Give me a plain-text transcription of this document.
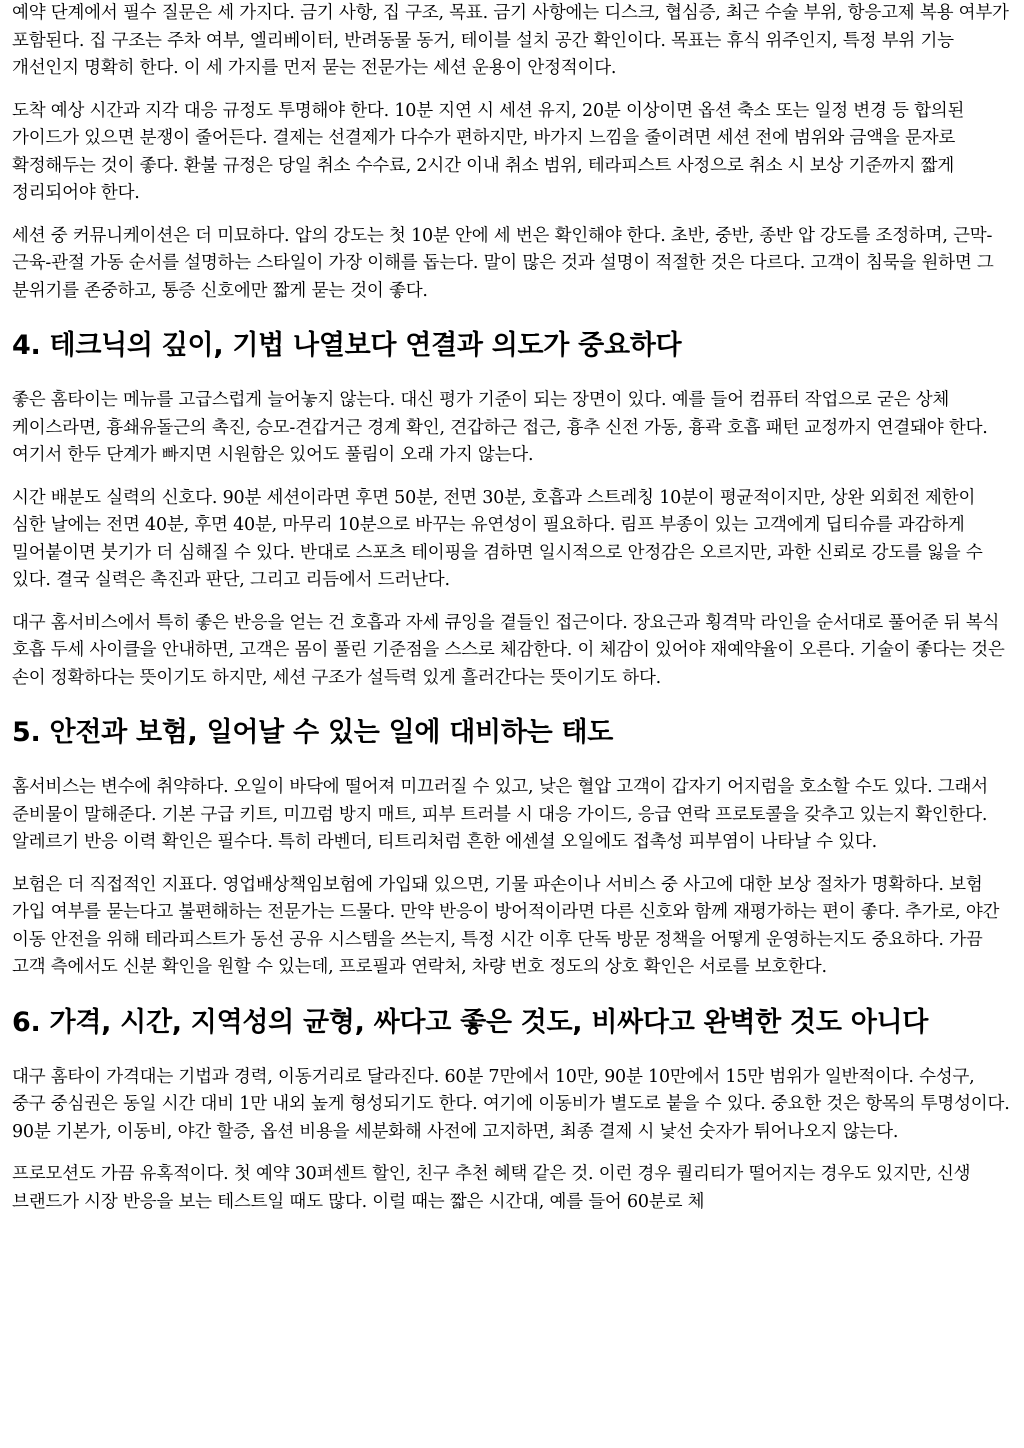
예약 단계에서 필수 질문은 세 가지다. 금기 사항, 집 구조, 목표. 금기 사항에는 디스크, 협심증, 최근 수술 부위, 항응고제 복용 여부가 포함된다. 집 구조는 주차 여부, 엘리베이터, 반려동물 동거, 테이블 설치 공간 확인이다. 목표는 휴식 위주인지, 특정 부위 기능 개선인지 명확히 한다. 이 세 가지를 먼저 묻는 전문가는 세션 운용이 안정적이다.

도착 예상 시간과 지각 대응 규정도 투명해야 한다. 10분 지연 시 세션 유지, 20분 이상이면 옵션 축소 또는 일정 변경 등 합의된 가이드가 있으면 분쟁이 줄어든다. 결제는 선결제가 다수가 편하지만, 바가지 느낌을 줄이려면 세션 전에 범위와 금액을 문자로 확정해두는 것이 좋다. 환불 규정은 당일 취소 수수료, 2시간 이내 취소 범위, 테라피스트 사정으로 취소 시 보상 기준까지 짧게 정리되어야 한다.

세션 중 커뮤니케이션은 더 미묘하다. 압의 강도는 첫 10분 안에 세 번은 확인해야 한다. 초반, 중반, 종반 압 강도를 조정하며, 근막-근육-관절 가동 순서를 설명하는 스타일이 가장 이해를 돕는다. 말이 많은 것과 설명이 적절한 것은 다르다. 고객이 침묵을 원하면 그 분위기를 존중하고, 통증 신호에만 짧게 묻는 것이 좋다.

4. 테크닉의 깊이, 기법 나열보다 연결과 의도가 중요하다

좋은 홈타이는 메뉴를 고급스럽게 늘어놓지 않는다. 대신 평가 기준이 되는 장면이 있다. 예를 들어 컴퓨터 작업으로 굳은 상체 케이스라면, 흉쇄유돌근의 촉진, 승모-견갑거근 경계 확인, 견갑하근 접근, 흉추 신전 가동, 흉곽 호흡 패턴 교정까지 연결돼야 한다. 여기서 한두 단계가 빠지면 시원함은 있어도 풀림이 오래 가지 않는다.

시간 배분도 실력의 신호다. 90분 세션이라면 후면 50분, 전면 30분, 호흡과 스트레칭 10분이 평균적이지만, 상완 외회전 제한이 심한 날에는 전면 40분, 후면 40분, 마무리 10분으로 바꾸는 유연성이 필요하다. 림프 부종이 있는 고객에게 딥티슈를 과감하게 밀어붙이면 붓기가 더 심해질 수 있다. 반대로 스포츠 테이핑을 겸하면 일시적으로 안정감은 오르지만, 과한 신뢰로 강도를 잃을 수 있다. 결국 실력은 촉진과 판단, 그리고 리듬에서 드러난다.

대구 홈서비스에서 특히 좋은 반응을 얻는 건 호흡과 자세 큐잉을 곁들인 접근이다. 장요근과 횡격막 라인을 순서대로 풀어준 뒤 복식 호흡 두세 사이클을 안내하면, 고객은 몸이 풀린 기준점을 스스로 체감한다. 이 체감이 있어야 재예약율이 오른다. 기술이 좋다는 것은 손이 정확하다는 뜻이기도 하지만, 세션 구조가 설득력 있게 흘러간다는 뜻이기도 하다.

5. 안전과 보험, 일어날 수 있는 일에 대비하는 태도

홈서비스는 변수에 취약하다. 오일이 바닥에 떨어져 미끄러질 수 있고, 낮은 혈압 고객이 갑자기 어지럼을 호소할 수도 있다. 그래서 준비물이 말해준다. 기본 구급 키트, 미끄럼 방지 매트, 피부 트러블 시 대응 가이드, 응급 연락 프로토콜을 갖추고 있는지 확인한다. 알레르기 반응 이력 확인은 필수다. 특히 라벤더, 티트리처럼 흔한 에센셜 오일에도 접촉성 피부염이 나타날 수 있다.

보험은 더 직접적인 지표다. 영업배상책임보험에 가입돼 있으면, 기물 파손이나 서비스 중 사고에 대한 보상 절차가 명확하다. 보험 가입 여부를 묻는다고 불편해하는 전문가는 드물다. 만약 반응이 방어적이라면 다른 신호와 함께 재평가하는 편이 좋다. 추가로, 야간 이동 안전을 위해 테라피스트가 동선 공유 시스템을 쓰는지, 특정 시간 이후 단독 방문 정책을 어떻게 운영하는지도 중요하다. 가끔 고객 측에서도 신분 확인을 원할 수 있는데, 프로필과 연락처, 차량 번호 정도의 상호 확인은 서로를 보호한다.

6. 가격, 시간, 지역성의 균형, 싸다고 좋은 것도, 비싸다고 완벽한 것도 아니다

대구 홈타이 가격대는 기법과 경력, 이동거리로 달라진다. 60분 7만에서 10만, 90분 10만에서 15만 범위가 일반적이다. 수성구, 중구 중심권은 동일 시간 대비 1만 내외 높게 형성되기도 한다. 여기에 이동비가 별도로 붙을 수 있다. 중요한 것은 항목의 투명성이다. 90분 기본가, 이동비, 야간 할증, 옵션 비용을 세분화해 사전에 고지하면, 최종 결제 시 낯선 숫자가 튀어나오지 않는다.

프로모션도 가끔 유혹적이다. 첫 예약 30퍼센트 할인, 친구 추천 혜택 같은 것. 이런 경우 퀄리티가 떨어지는 경우도 있지만, 신생 브랜드가 시장 반응을 보는 테스트일 때도 많다. 이럴 때는 짧은 시간대, 예를 들어 60분로 체
